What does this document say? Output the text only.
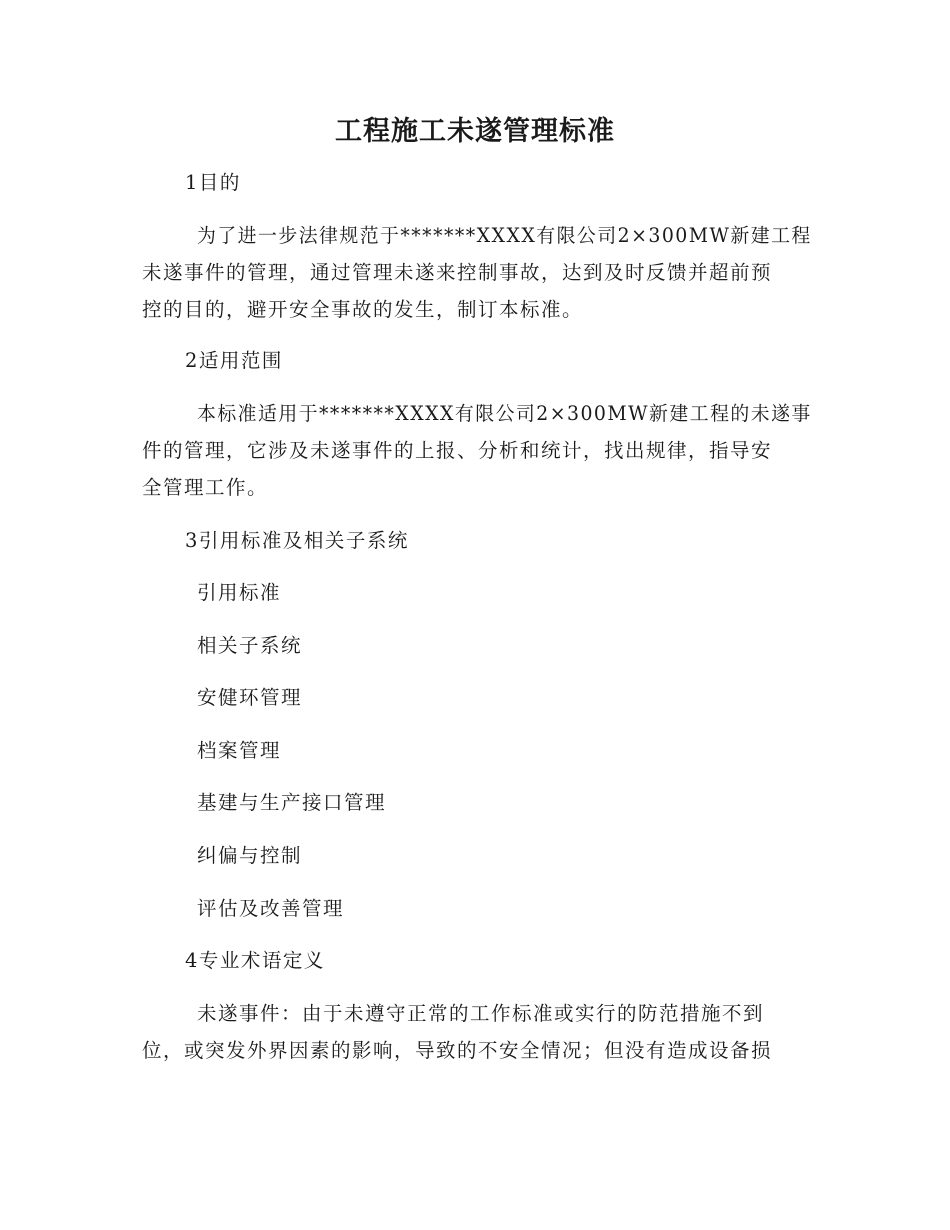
工程施工未遂管理标准
1目的
为了进一步法律规范于*******XXXX有限公司2×300MW新建工程
未遂事件的管理，通过管理未遂来控制事故，达到及时反馈并超前预
控的目的，避开安全事故的发生，制订本标准。
2适用范围
本标准适用于*******XXXX有限公司2×300MW新建工程的未遂事
件的管理，它涉及未遂事件的上报、分析和统计，找出规律，指导安
全管理工作。
3引用标准及相关子系统
引用标准
相关子系统
安健环管理
档案管理
基建与生产接口管理
纠偏与控制
评估及改善管理
4专业术语定义
未遂事件：由于未遵守正常的工作标准或实行的防范措施不到
位，或突发外界因素的影响，导致的不安全情况；但没有造成设备损
